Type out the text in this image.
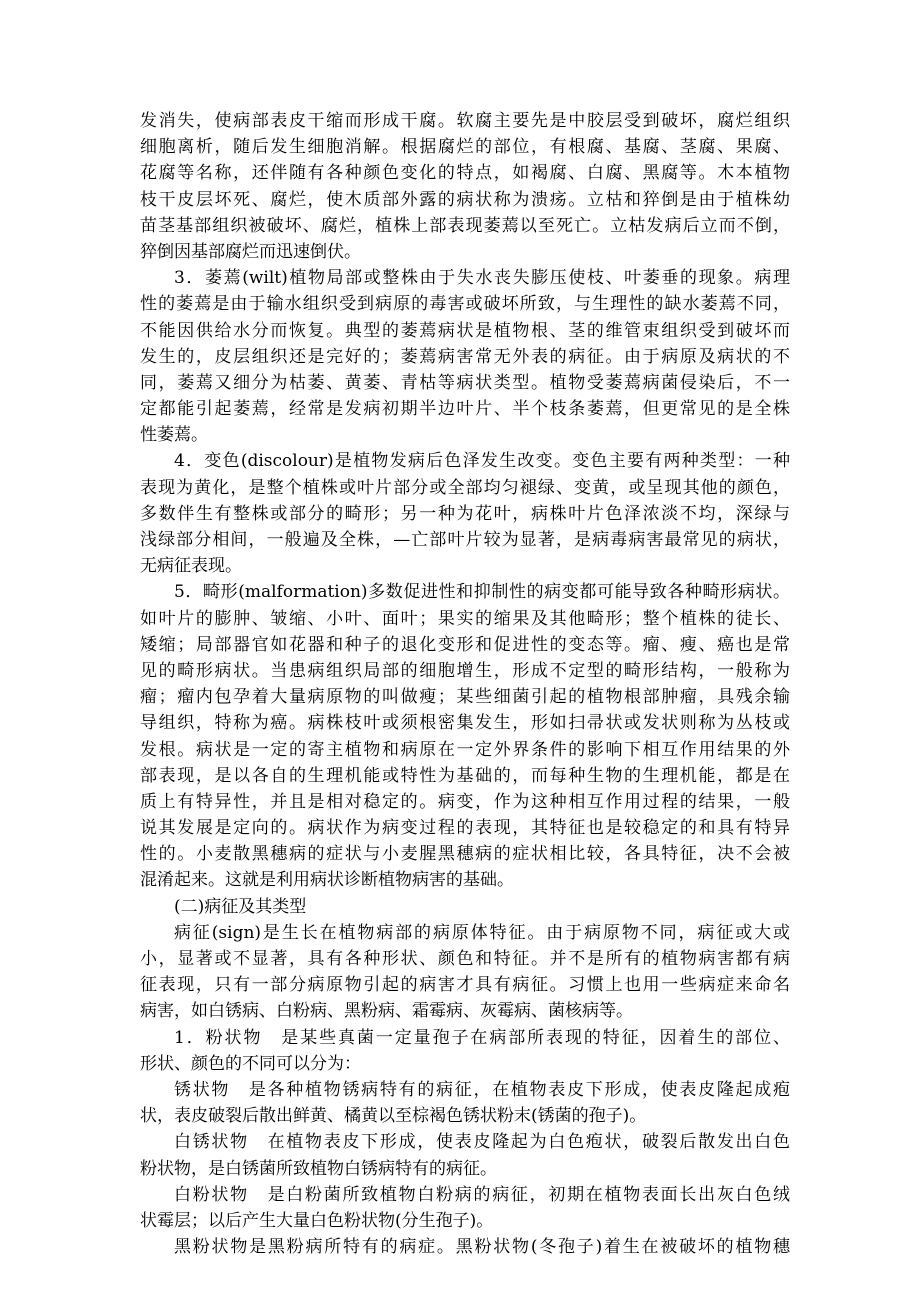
发消失，使病部表皮干缩而形成干腐。软腐主要先是中胶层受到破坏，腐烂组织
细胞离析，随后发生细胞消解。根据腐烂的部位，有根腐、基腐、茎腐、果腐、
花腐等名称，还伴随有各种颜色变化的特点，如褐腐、白腐、黑腐等。木本植物
枝干皮层坏死、腐烂，使木质部外露的病状称为溃疡。立枯和猝倒是由于植株幼
苗茎基部组织被破坏、腐烂，植株上部表现萎蔫以至死亡。立枯发病后立而不倒，
猝倒因基部腐烂而迅速倒伏。
3．萎蔫(wilt)植物局部或整株由于失水丧失膨压使枝、叶萎垂的现象。病理
性的萎蔫是由于输水组织受到病原的毒害或破坏所致，与生理性的缺水萎蔫不同，
不能因供给水分而恢复。典型的萎蔫病状是植物根、茎的维管束组织受到破坏而
发生的，皮层组织还是完好的；萎蔫病害常无外表的病征。由于病原及病状的不
同，萎蔫又细分为枯萎、黄萎、青枯等病状类型。植物受萎蔫病菌侵染后，不一
定都能引起萎蔫，经常是发病初期半边叶片、半个枝条萎蔫，但更常见的是全株
性萎蔫。
4．变色(discolour)是植物发病后色泽发生改变。变色主要有两种类型：一种
表现为黄化，是整个植株或叶片部分或全部均匀褪绿、变黄，或呈现其他的颜色，
多数伴生有整株或部分的畸形；另一种为花叶，病株叶片色泽浓淡不均，深绿与
浅绿部分相间，一般遍及全株，—亡部叶片较为显著，是病毒病害最常见的病状，
无病征表现。
5．畸形(malformation)多数促进性和抑制性的病变都可能导致各种畸形病状。
如叶片的膨肿、皱缩、小叶、面叶；果实的缩果及其他畸形；整个植株的徒长、
矮缩；局部器官如花器和种子的退化变形和促进性的变态等。瘤、瘦、癌也是常
见的畸形病状。当患病组织局部的细胞增生，形成不定型的畸形结构，一般称为
瘤；瘤内包孕着大量病原物的叫做瘦；某些细菌引起的植物根部肿瘤，具残余输
导组织，特称为癌。病株枝叶或须根密集发生，形如扫帚状或发状则称为丛枝或
发根。病状是一定的寄主植物和病原在一定外界条件的影响下相互作用结果的外
部表现，是以各自的生理机能或特性为基础的，而每种生物的生理机能，都是在
质上有特异性，并且是相对稳定的。病变，作为这种相互作用过程的结果，一般
说其发展是定向的。病状作为病变过程的表现，其特征也是较稳定的和具有特异
性的。小麦散黑穗病的症状与小麦腥黑穗病的症状相比较，各具特征，决不会被
混淆起来。这就是利用病状诊断植物病害的基础。
(二)病征及其类型
病征(sign)是生长在植物病部的病原体特征。由于病原物不同，病征或大或
小，显著或不显著，具有各种形状、颜色和特征。并不是所有的植物病害都有病
征表现，只有一部分病原物引起的病害才具有病征。习惯上也用一些病症来命名
病害，如白锈病、白粉病、黑粉病、霜霉病、灰霉病、菌核病等。
1．粉状物　是某些真菌一定量孢子在病部所表现的特征，因着生的部位、
形状、颜色的不同可以分为：
锈状物　是各种植物锈病特有的病征，在植物表皮下形成，使表皮隆起成疱
状，表皮破裂后散出鲜黄、橘黄以至棕褐色锈状粉末(锈菌的孢子)。
白锈状物　在植物表皮下形成，使表皮隆起为白色疱状，破裂后散发出白色
粉状物，是白锈菌所致植物白锈病特有的病征。
白粉状物　是白粉菌所致植物白粉病的病征，初期在植物表面长出灰白色绒
状霉层；以后产生大量白色粉状物(分生孢子)。
黑粉状物是黑粉病所特有的病症。黑粉状物(冬孢子)着生在被破坏的植物穗
